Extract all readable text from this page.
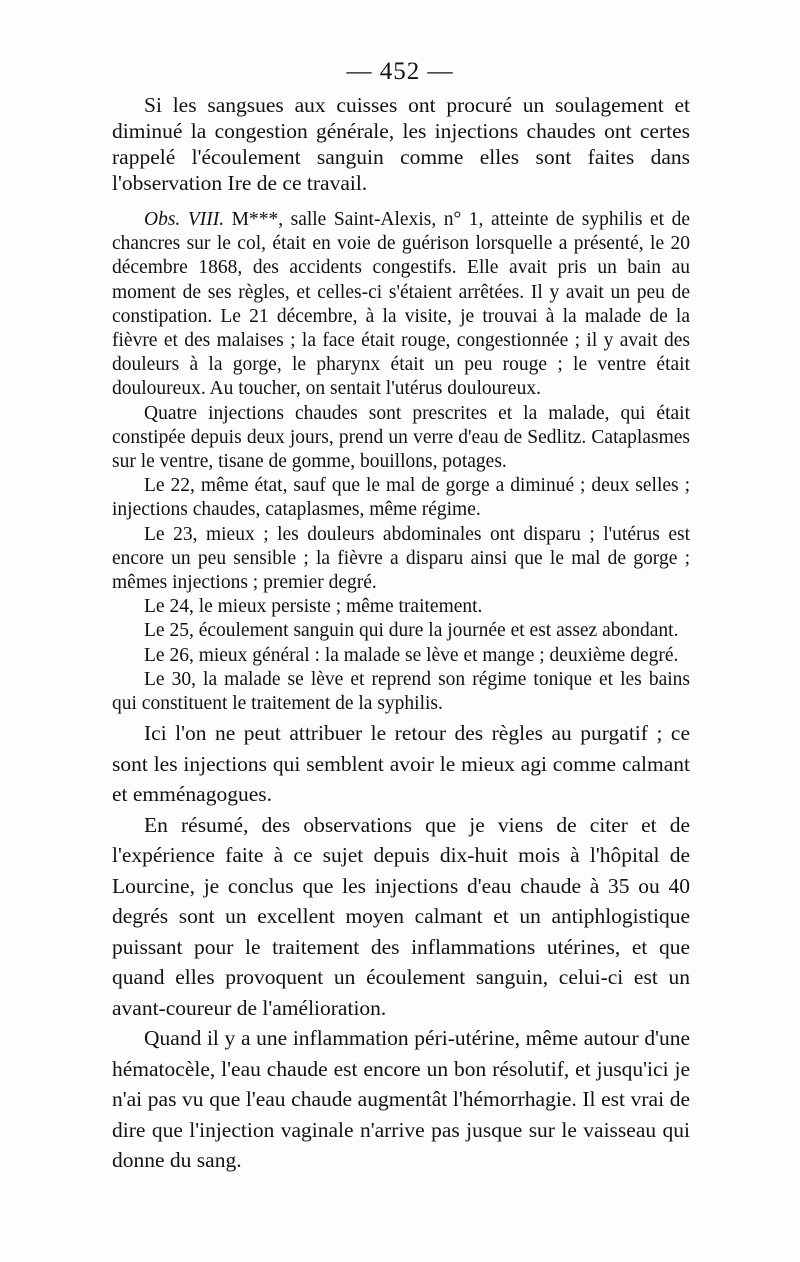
— 452 —

Si les sangsues aux cuisses ont procuré un soulagement et diminué la congestion générale, les injections chaudes ont certes rappelé l'écoulement sanguin comme elles sont faites dans l'observation Ire de ce travail.

Obs. VIII. M***, salle Saint-Alexis, n° 1, atteinte de syphilis et de chancres sur le col, était en voie de guérison lorsquelle a présenté, le 20 décembre 1868, des accidents congestifs. Elle avait pris un bain au moment de ses règles, et celles-ci s'étaient arrêtées. Il y avait un peu de constipation. Le 21 décembre, à la visite, je trouvai à la malade de la fièvre et des malaises ; la face était rouge, congestionnée ; il y avait des douleurs à la gorge, le pharynx était un peu rouge ; le ventre était douloureux. Au toucher, on sentait l'utérus douloureux.

Quatre injections chaudes sont prescrites et la malade, qui était constipée depuis deux jours, prend un verre d'eau de Sedlitz. Cataplasmes sur le ventre, tisane de gomme, bouillons, potages.

Le 22, même état, sauf que le mal de gorge a diminué ; deux selles ; injections chaudes, cataplasmes, même régime.

Le 23, mieux ; les douleurs abdominales ont disparu ; l'utérus est encore un peu sensible ; la fièvre a disparu ainsi que le mal de gorge ; mêmes injections ; premier degré.

Le 24, le mieux persiste ; même traitement.

Le 25, écoulement sanguin qui dure la journée et est assez abondant.

Le 26, mieux général : la malade se lève et mange ; deuxième degré.

Le 30, la malade se lève et reprend son régime tonique et les bains qui constituent le traitement de la syphilis.

Ici l'on ne peut attribuer le retour des règles au purgatif ; ce sont les injections qui semblent avoir le mieux agi comme calmant et emménagogues.

En résumé, des observations que je viens de citer et de l'expérience faite à ce sujet depuis dix-huit mois à l'hôpital de Lourcine, je conclus que les injections d'eau chaude à 35 ou 40 degrés sont un excellent moyen calmant et un antiphlogistique puissant pour le traitement des inflammations utérines, et que quand elles provoquent un écoulement sanguin, celui-ci est un avant-coureur de l'amélioration.

Quand il y a une inflammation péri-utérine, même autour d'une hématocèle, l'eau chaude est encore un bon résolutif, et jusqu'ici je n'ai pas vu que l'eau chaude augmentât l'hémorrhagie. Il est vrai de dire que l'injection vaginale n'arrive pas jusque sur le vaisseau qui donne du sang.
